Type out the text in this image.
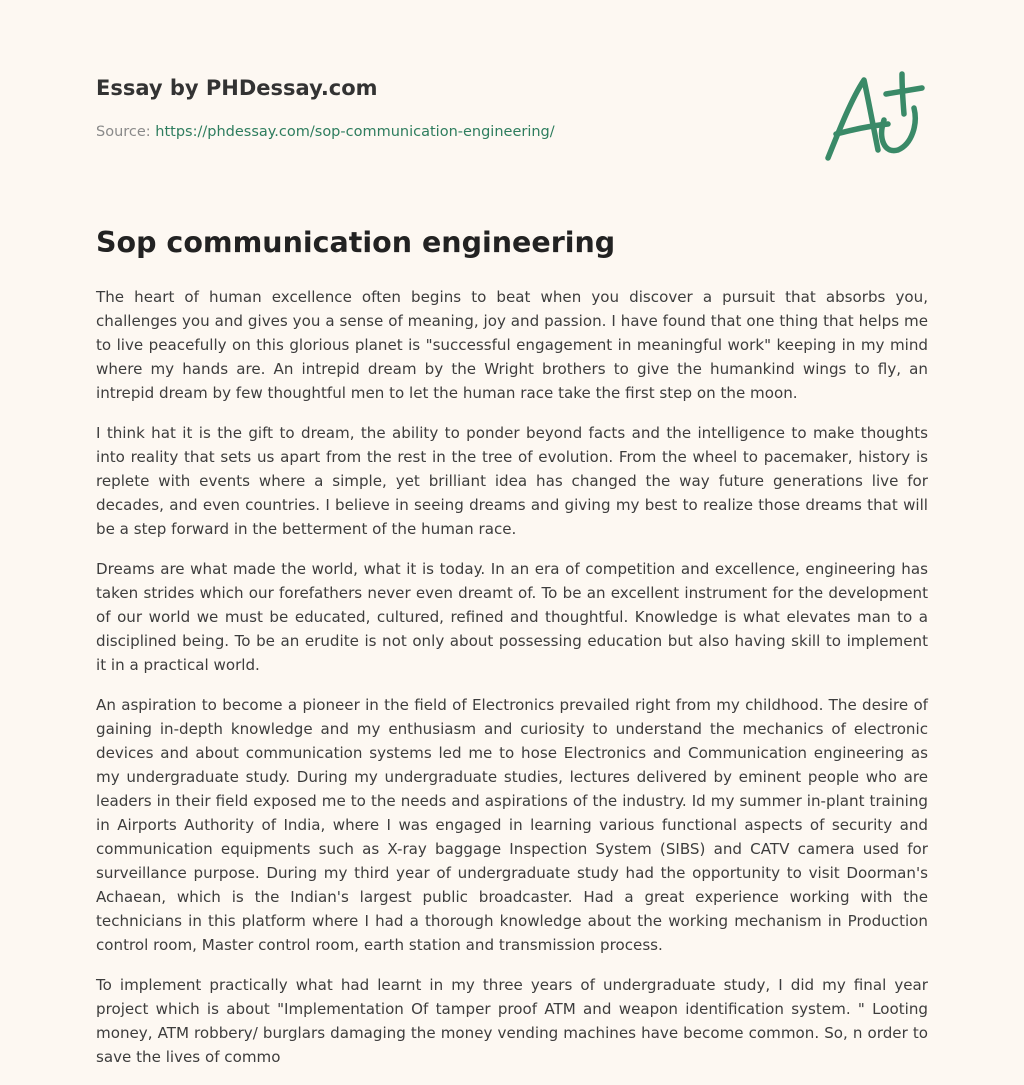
Essay by PHDessay.com
Source: https://phdessay.com/sop-communication-engineering/
Sop communication engineering

The heart of human excellence often begins to beat when you discover a pursuit that absorbs you, challenges you and gives you a sense of meaning, joy and passion. I have found that one thing that helps me to live peacefully on this glorious planet is "successful engagement in meaningful work" keeping in my mind where my hands are. An intrepid dream by the Wright brothers to give the humankind wings to fly, an intrepid dream by few thoughtful men to let the human race take the first step on the moon.

I think hat it is the gift to dream, the ability to ponder beyond facts and the intelligence to make thoughts into reality that sets us apart from the rest in the tree of evolution. From the wheel to pacemaker, history is replete with events where a simple, yet brilliant idea has changed the way future generations live for decades, and even countries. I believe in seeing dreams and giving my best to realize those dreams that will be a step forward in the betterment of the human race.

Dreams are what made the world, what it is today. In an era of competition and excellence, engineering has taken strides which our forefathers never even dreamt of. To be an excellent instrument for the development of our world we must be educated, cultured, refined and thoughtful. Knowledge is what elevates man to a disciplined being. To be an erudite is not only about possessing education but also having skill to implement it in a practical world.

An aspiration to become a pioneer in the field of Electronics prevailed right from my childhood. The desire of gaining in-depth knowledge and my enthusiasm and curiosity to understand the mechanics of electronic devices and about communication systems led me to hose Electronics and Communication engineering as my undergraduate study. During my undergraduate studies, lectures delivered by eminent people who are leaders in their field exposed me to the needs and aspirations of the industry. Id my summer in-plant training in Airports Authority of India, where I was engaged in learning various functional aspects of security and communication equipments such as X-ray baggage Inspection System (SIBS) and CATV camera used for surveillance purpose. During my third year of undergraduate study had the opportunity to visit Doorman's Achaean, which is the Indian's largest public broadcaster. Had a great experience working with the technicians in this platform where I had a thorough knowledge about the working mechanism in Production control room, Master control room, earth station and transmission process.

To implement practically what had learnt in my three years of undergraduate study, I did my final year project which is about "Implementation Of tamper proof ATM and weapon identification system. " Looting money, ATM robbery/ burglars damaging the money vending machines have become common. So, n order to save the lives of commo
